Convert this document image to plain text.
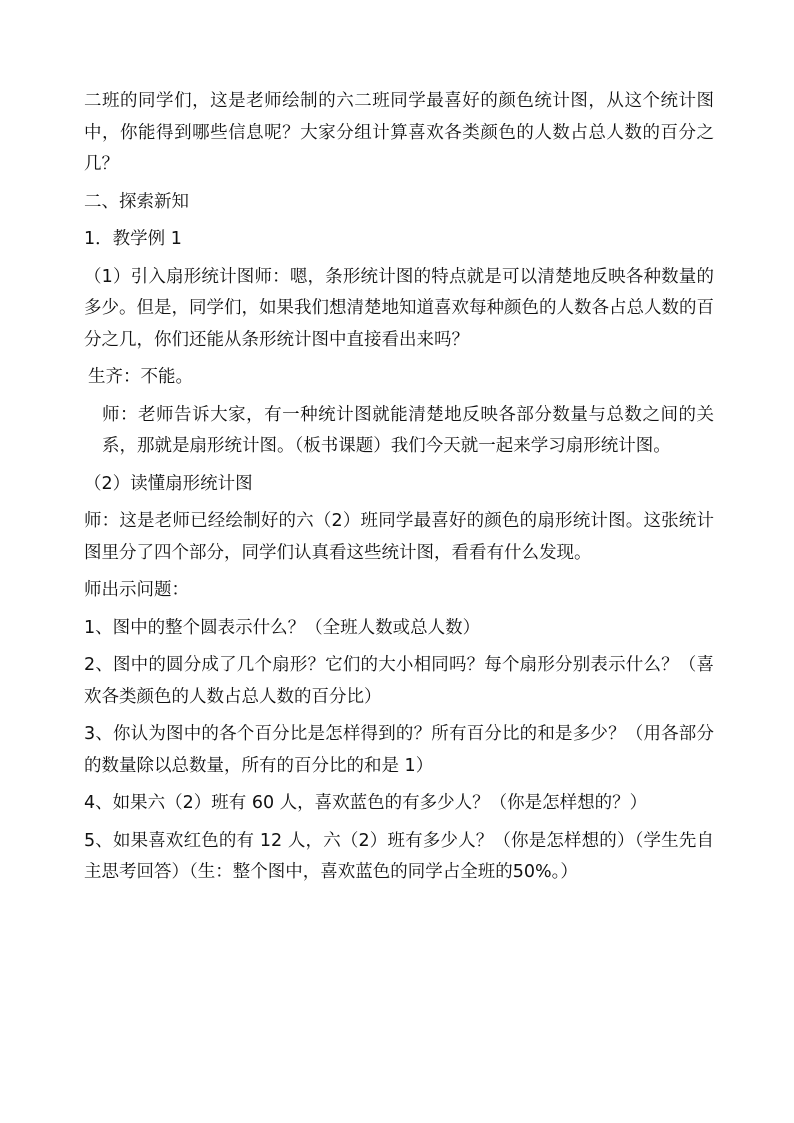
二班的同学们，这是老师绘制的六二班同学最喜好的颜色统计图，从这个统计图中，你能得到哪些信息呢？大家分组计算喜欢各类颜色的人数占总人数的百分之几？

二、探索新知

1．教学例 1

（1）引入扇形统计图师：嗯，条形统计图的特点就是可以清楚地反映各种数量的多少。但是，同学们，如果我们想清楚地知道喜欢每种颜色的人数各占总人数的百分之几，你们还能从条形统计图中直接看出来吗？

生齐：不能。

师：老师告诉大家，有一种统计图就能清楚地反映各部分数量与总数之间的关系，那就是扇形统计图。（板书课题）我们今天就一起来学习扇形统计图。

（2）读懂扇形统计图

师：这是老师已经绘制好的六（2）班同学最喜好的颜色的扇形统计图。这张统计图里分了四个部分，同学们认真看这些统计图，看看有什么发现。

师出示问题：

1、图中的整个圆表示什么？（全班人数或总人数）

2、图中的圆分成了几个扇形？它们的大小相同吗？每个扇形分别表示什么？（喜欢各类颜色的人数占总人数的百分比）

3、你认为图中的各个百分比是怎样得到的？所有百分比的和是多少？（用各部分的数量除以总数量，所有的百分比的和是 1）

4、如果六（2）班有 60 人，喜欢蓝色的有多少人？（你是怎样想的？）

5、如果喜欢红色的有 12 人，六（2）班有多少人？（你是怎样想的）（学生先自主思考回答）（生：整个图中，喜欢蓝色的同学占全班的50%。）
